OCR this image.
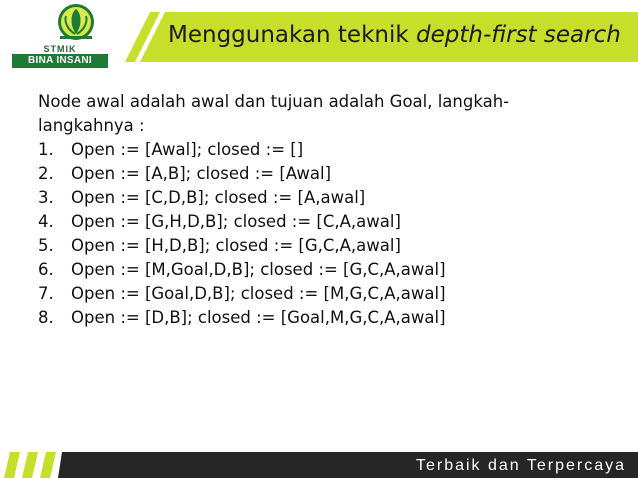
STMIK
BINA INSANI
Menggunakan teknik depth-first search

Node awal adalah awal dan tujuan adalah Goal, langkah-langkahnya :

1. Open := [Awal]; closed := []
2. Open := [A,B]; closed := [Awal]
3. Open := [C,D,B]; closed := [A,awal]
4. Open := [G,H,D,B]; closed := [C,A,awal]
5. Open := [H,D,B]; closed := [G,C,A,awal]
6. Open := [M,Goal,D,B]; closed := [G,C,A,awal]
7. Open := [Goal,D,B]; closed := [M,G,C,A,awal]
8. Open := [D,B]; closed := [Goal,M,G,C,A,awal]
Terbaik dan Terpercaya
